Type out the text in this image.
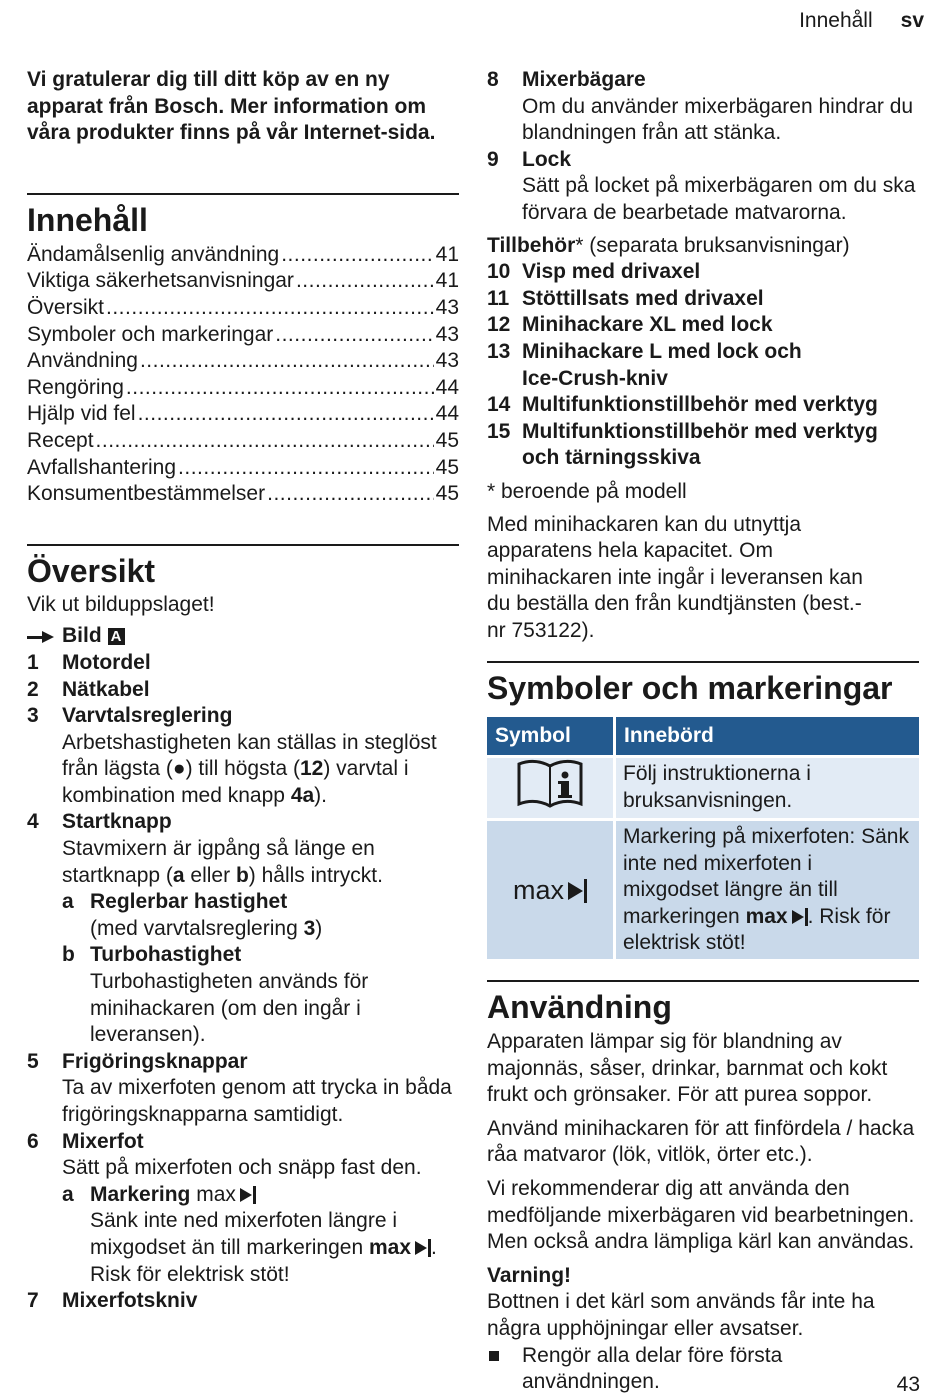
Innehåll sv

Vi gratulerar dig till ditt köp av en ny apparat från Bosch. Mer information om våra produkter finns på vår Internet-sida.

Innehåll
Ändamålsenlig användning .....	41
Viktiga säkerhetsanvisningar .....	41
Översikt .....	43
Symboler och markeringar .....	43
Användning .....	43
Rengöring .....	44
Hjälp vid fel .....	44
Recept .....	45
Avfallshantering .....	45
Konsumentbestämmelser .....	45
Översikt

Vik ut bilduppslaget!

Bild A

1	Motordel
2	Nätkabel
3	Varvtalsreglering
Arbetshastigheten kan ställas in steglöst från lägsta (●) till högsta (12) varvtal i kombination med knapp 4a).
4	Startknapp
Stavmixern är igpång så länge en startknapp (a eller b) hålls intryckt.
a Reglerbar hastighet
(med varvtalsreglering 3)
b Turbohastighet
Turbohastigheten används för minihackaren (om den ingår i leveransen).
5	Frigöringsknappar
Ta av mixerfoten genom att trycka in båda frigöringsknapparna samtidigt.
6	Mixerfot
Sätt på mixerfoten och snäpp fast den.
a Markering max
Sänk inte ned mixerfoten längre i mixgodset än till markeringen max . Risk för elektrisk stöt!
7	Mixerfotskniv
8	Mixerbägare
Om du använder mixerbägaren hindrar du blandningen från att stänka.
9	Lock
Sätt på locket på mixerbägaren om du ska förvara de bearbetade matvarorna.

Tillbehör* (separata bruksanvisningar)

10 Visp med drivaxel
11 Stöttillsats med drivaxel
12 Minihackare XL med lock
13 Minihackare L med lock och Ice-Crush-kniv
14 Multifunktionstillbehör med verktyg
15 Multifunktionstillbehör med verktyg och tärningsskiva

* beroende på modell

Med minihackaren kan du utnyttja apparatens hela kapacitet. Om minihackaren inte ingår i leveransen kan du beställa den från kundtjänsten (best.-nr 753122).

Symboler och markeringar
Symbol	Innebörd
	Följ instruktionerna i bruksanvisningen.
max	Markering på mixerfoten: Sänk inte ned mixerfoten i mixgodset längre än till markeringen max . Risk för elektrisk stöt!
Användning

Apparaten lämpar sig för blandning av majonnäs, såser, drinkar, barnmat och kokt frukt och grönsaker. För att purea soppor.

Använd minihackaren för att finfördela / hacka råa matvaror (lök, vitlök, örter etc.).

Vi rekommenderar dig att använda den medföljande mixerbägaren vid bearbetningen. Men också andra lämpliga kärl kan användas.

Varning!

Bottnen i det kärl som används får inte ha några upphöjningar eller avsatser.

Rengör alla delar före första användningen.	43
